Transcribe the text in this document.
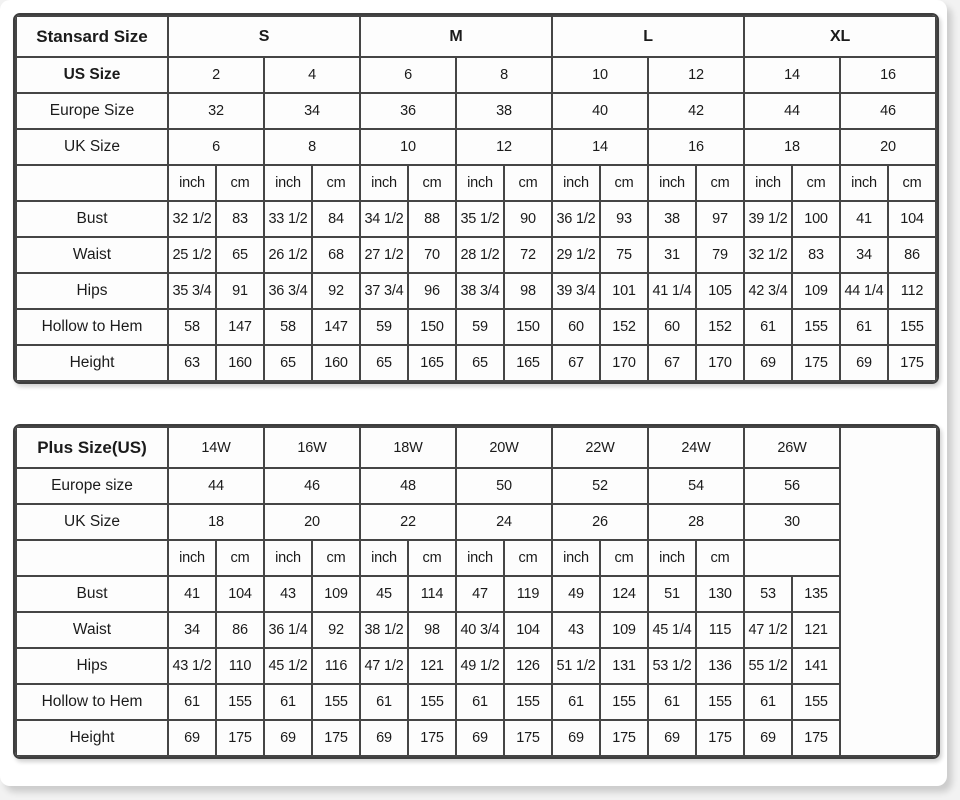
Stansard Size	S				M				L				XL			
US Size	2		4		6		8		10		12		14		16	
Europe Size	32		34		36		38		40		42		44		46	
UK Size	6		8		10		12		14		16		18		20	
	inch	cm	inch	cm	inch	cm	inch	cm	inch	cm	inch	cm	inch	cm	inch	cm
Bust	32 1/2	83	33 1/2	84	34 1/2	88	35 1/2	90	36 1/2	93	38	97	39 1/2	100	41	104
Waist	25 1/2	65	26 1/2	68	27 1/2	70	28 1/2	72	29 1/2	75	31	79	32 1/2	83	34	86
Hips	35 3/4	91	36 3/4	92	37 3/4	96	38 3/4	98	39 3/4	101	41 1/4	105	42 3/4	109	44 1/4	112
Hollow to Hem	58	147	58	147	59	150	59	150	60	152	60	152	61	155	61	155
Height	63	160	65	160	65	165	65	165	67	170	67	170	69	175	69	175
Plus Size(US)	14W		16W		18W		20W		22W		24W		26W		
Europe size	44		46		48		50		52		54		56		
UK Size	18		20		22		24		26		28		30		
	inch	cm	inch	cm	inch	cm	inch	cm	inch	cm	inch	cm			
Bust	41	104	43	109	45	114	47	119	49	124	51	130	53	135	
Waist	34	86	36 1/4	92	38 1/2	98	40 3/4	104	43	109	45 1/4	115	47 1/2	121	
Hips	43 1/2	110	45 1/2	116	47 1/2	121	49 1/2	126	51 1/2	131	53 1/2	136	55 1/2	141	
Hollow to Hem	61	155	61	155	61	155	61	155	61	155	61	155	61	155	
Height	69	175	69	175	69	175	69	175	69	175	69	175	69	175	
